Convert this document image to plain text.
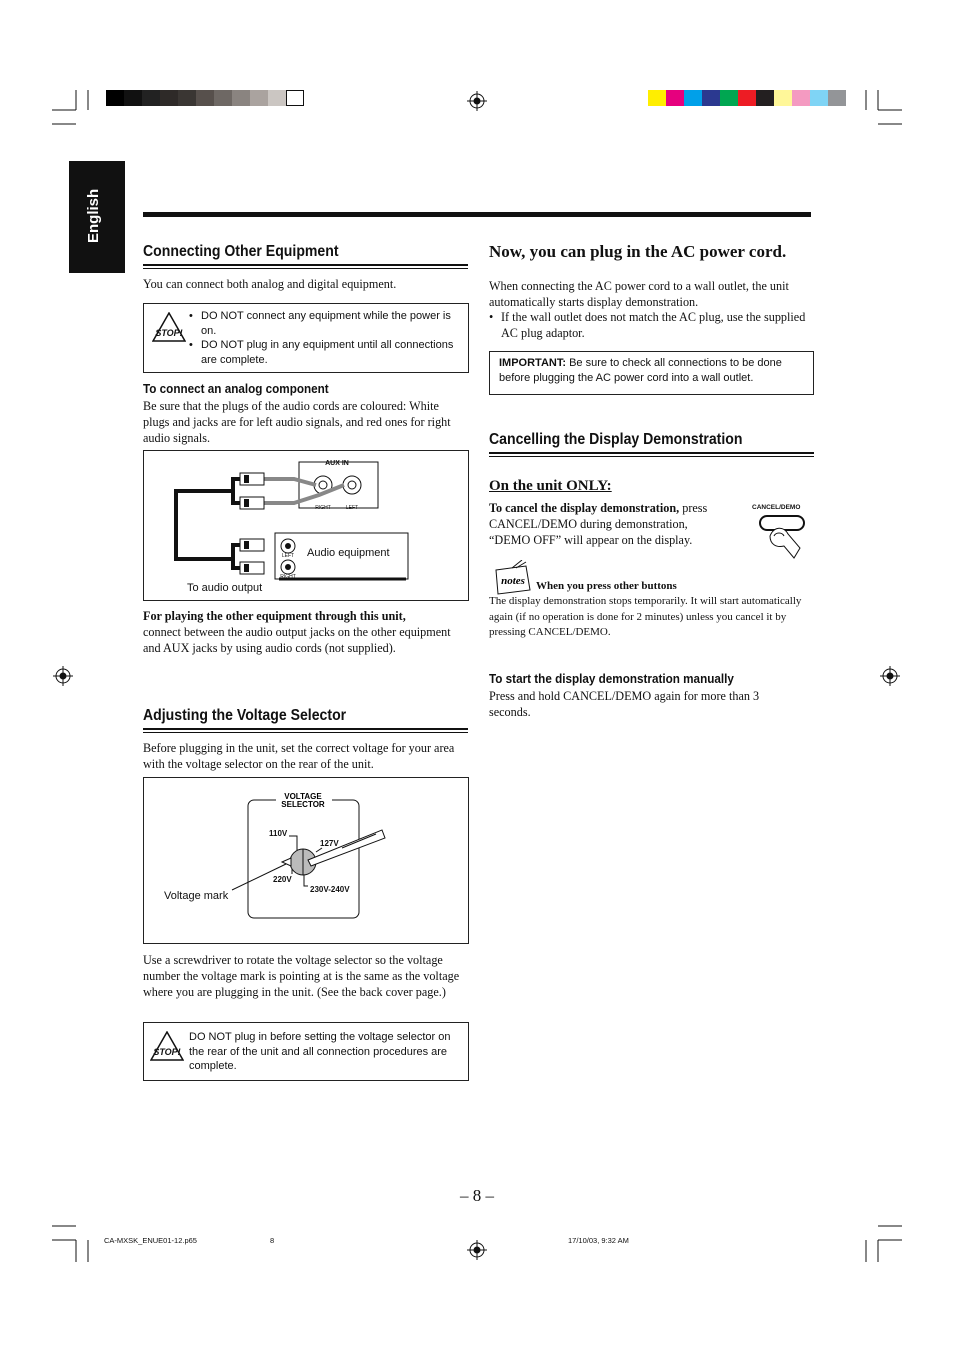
English
Connecting Other Equipment
You can connect both analog and digital equipment.
STOP!
• DO NOT connect any equipment while the power is on.
• DO NOT plug in any equipment until all connections are complete.
To connect an analog component
Be sure that the plugs of the audio cords are coloured: White plugs and jacks are for left audio signals, and red ones for right audio signals.
AUX IN
RIGHT	LEFT
LEFT
RIGHT
Audio equipment
To audio output
For playing the other equipment through this unit,
connect between the audio output jacks on the other equipment and AUX jacks by using audio cords (not supplied).
Adjusting the Voltage Selector
Before plugging in the unit, set the correct voltage for your area with the voltage selector on the rear of the unit.
VOLTAGE
SELECTOR
110V
127V
220V
230V-240V
Voltage mark
Use a screwdriver to rotate the voltage selector so the voltage number the voltage mark is pointing at is the same as the voltage where you are plugging in the unit. (See the back cover page.)
STOP!
DO NOT plug in before setting the voltage selector on the rear of the unit and all connection procedures are complete.
Now, you can plug in the AC power cord.
When connecting the AC power cord to a wall outlet, the unit automatically starts display demonstration.
• If the wall outlet does not match the AC plug, use the supplied AC plug adaptor.
IMPORTANT: Be sure to check all connections to be done before plugging the AC power cord into a wall outlet.
Cancelling the Display Demonstration
On the unit ONLY:
To cancel the display demonstration, press CANCEL/DEMO during demonstration, “DEMO OFF” will appear on the display.
CANCEL/DEMO
notes When you press other buttons
The display demonstration stops temporarily. It will start automatically again (if no operation is done for 2 minutes) unless you cancel it by pressing CANCEL/DEMO.
To start the display demonstration manually
Press and hold CANCEL/DEMO again for more than 3 seconds.
– 8 –
CA-MXSK_ENUE01-12.p65	8	17/10/03, 9:32 AM
